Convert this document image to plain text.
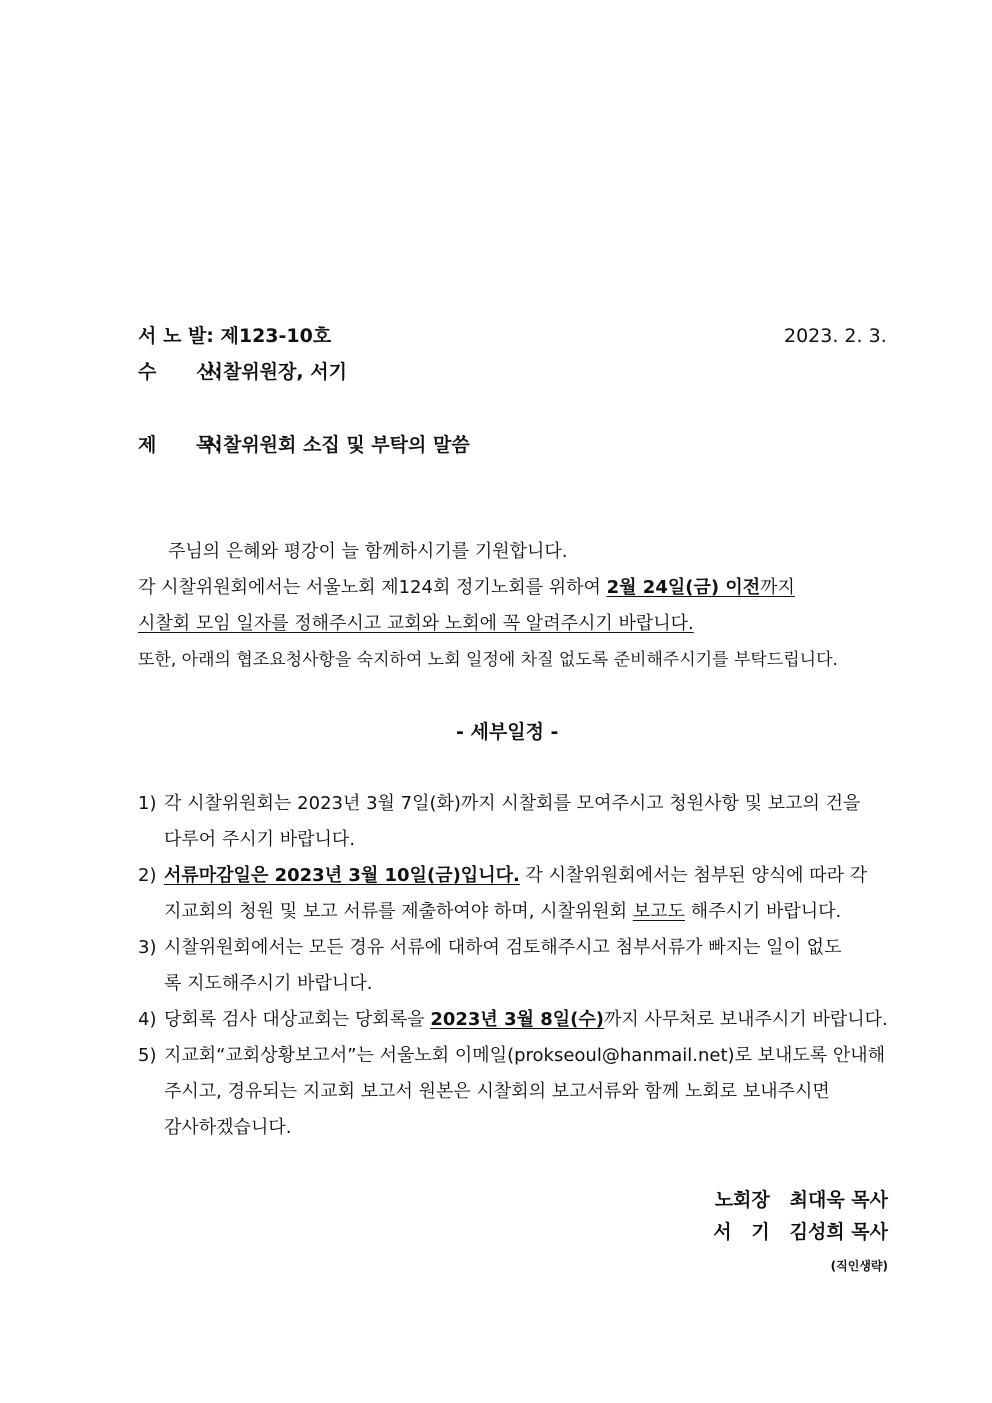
서 노 발: 제123-10호	2023. 2. 3.
수      신: 시찰위원장, 서기
제      목: 시찰위원회 소집 및 부탁의 말씀
주님의 은혜와 평강이 늘 함께하시기를 기원합니다.
각 시찰위원회에서는 서울노회 제124회 정기노회를 위하여 2월 24일(금) 이전까지
시찰회 모임 일자를 정해주시고 교회와 노회에 꼭 알려주시기 바랍니다.
또한, 아래의 협조요청사항을 숙지하여 노회 일정에 차질 없도록 준비해주시기를 부탁드립니다.
- 세부일정 -
1) 각 시찰위원회는 2023년 3월 7일(화)까지 시찰회를 모여주시고 청원사항 및 보고의 건을
다루어 주시기 바랍니다.
2) 서류마감일은 2023년 3월 10일(금)입니다. 각 시찰위원회에서는 첨부된 양식에 따라 각
지교회의 청원 및 보고 서류를 제출하여야 하며, 시찰위원회 보고도 해주시기 바랍니다.
3) 시찰위원회에서는 모든 경유 서류에 대하여 검토해주시고 첨부서류가 빠지는 일이 없도
록 지도해주시기 바랍니다.
4) 당회록 검사 대상교회는 당회록을 2023년 3월 8일(수)까지 사무처로 보내주시기 바랍니다.
5) 지교회“교회상황보고서”는 서울노회 이메일(prokseoul@hanmail.net)로 보내도록 안내해
주시고, 경유되는 지교회 보고서 원본은 시찰회의 보고서류와 함께 노회로 보내주시면
감사하겠습니다.
노회장   최대욱 목사
서   기   김성희 목사
(직인생략)
